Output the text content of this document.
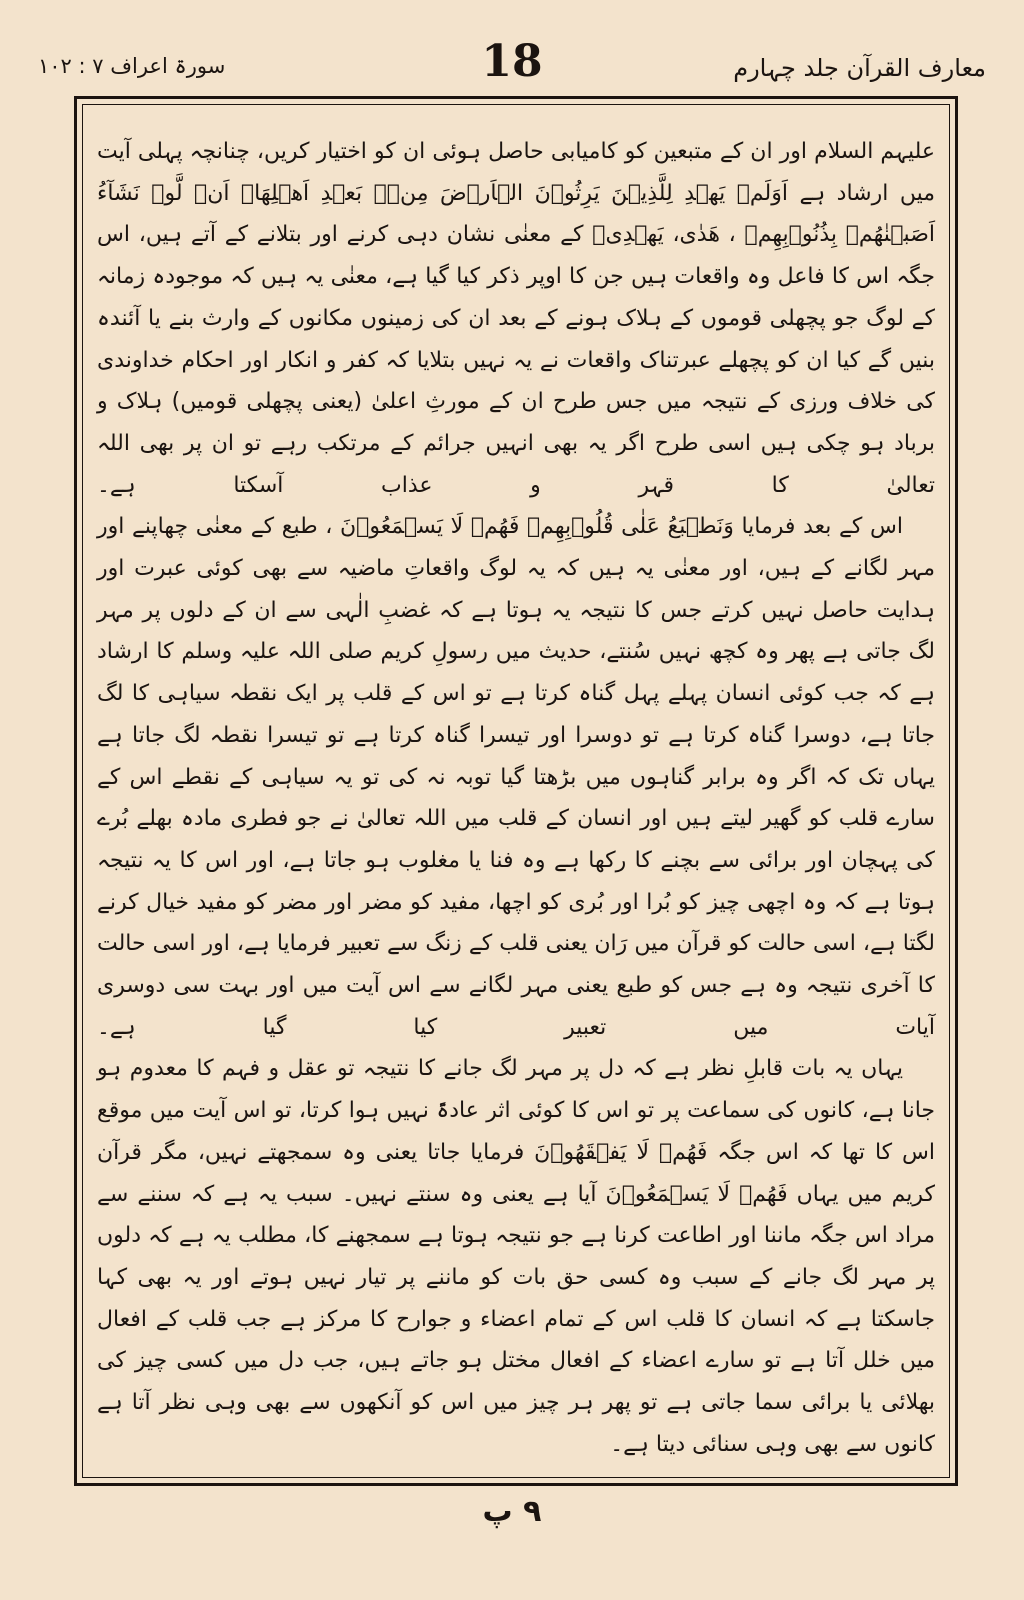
معارف القرآن جلد چہارم
18
سورۃ اعراف ۷ : ۱۰۲

علیہم السلام اور ان کے متبعین کو کامیابی حاصل ہوئی ان کو اختیار کریں، چنانچہ پہلی آیت میں ارشاد ہے اَوَلَمۡ یَهۡدِ لِلَّذِیۡنَ یَرِثُوۡنَ الۡاَرۡضَ مِنۡۢ بَعۡدِ اَهۡلِهَاۤ اَنۡ لَّوۡ نَشَآءُ اَصَبۡنٰهُمۡ بِذُنُوۡبِهِمۡ ، هَدٰی، یَهۡدِیۡ کے معنٰی نشان دہی کرنے اور بتلانے کے آتے ہیں، اس جگہ اس کا فاعل وہ واقعات ہیں جن کا اوپر ذکر کیا گیا ہے، معنٰی یہ ہیں کہ موجودہ زمانہ کے لوگ جو پچھلی قوموں کے ہلاک ہونے کے بعد ان کی زمینوں مکانوں کے وارث بنے یا آئندہ بنیں گے کیا ان کو پچھلے عبرتناک واقعات نے یہ نہیں بتلایا کہ کفر و انکار اور احکام خداوندی کی خلاف ورزی کے نتیجہ میں جس طرح ان کے مورثِ اعلیٰ (یعنی پچھلی قومیں) ہلاک و برباد ہو چکی ہیں اسی طرح اگر یہ بھی انہیں جرائم کے مرتکب رہے تو ان پر بھی اللہ تعالیٰ کا قہر و عذاب آسکتا ہے۔

اس کے بعد فرمایا وَنَطۡبَعُ عَلٰی قُلُوۡبِهِمۡ فَهُمۡ لَا یَسۡمَعُوۡنَ ، طبع کے معنٰی چھاپنے اور مہر لگانے کے ہیں، اور معنٰی یہ ہیں کہ یہ لوگ واقعاتِ ماضیہ سے بھی کوئی عبرت اور ہدایت حاصل نہیں کرتے جس کا نتیجہ یہ ہوتا ہے کہ غضبِ الٰہی سے ان کے دلوں پر مہر لگ جاتی ہے پھر وہ کچھ نہیں سُنتے، حدیث میں رسولِ کریم صلی اللہ علیہ وسلم کا ارشاد ہے کہ جب کوئی انسان پہلے پہل گناہ کرتا ہے تو اس کے قلب پر ایک نقطہ سیاہی کا لگ جاتا ہے، دوسرا گناہ کرتا ہے تو دوسرا اور تیسرا گناہ کرتا ہے تو تیسرا نقطہ لگ جاتا ہے یہاں تک کہ اگر وہ برابر گناہوں میں بڑھتا گیا توبہ نہ کی تو یہ سیاہی کے نقطے اس کے سارے قلب کو گھیر لیتے ہیں اور انسان کے قلب میں اللہ تعالیٰ نے جو فطری مادہ بھلے بُرے کی پہچان اور برائی سے بچنے کا رکھا ہے وہ فنا یا مغلوب ہو جاتا ہے، اور اس کا یہ نتیجہ ہوتا ہے کہ وہ اچھی چیز کو بُرا اور بُری کو اچھا، مفید کو مضر اور مضر کو مفید خیال کرنے لگتا ہے، اسی حالت کو قرآن میں رَان یعنی قلب کے زنگ سے تعبیر فرمایا ہے، اور اسی حالت کا آخری نتیجہ وہ ہے جس کو طبع یعنی مہر لگانے سے اس آیت میں اور بہت سی دوسری آیات میں تعبیر کیا گیا ہے۔

یہاں یہ بات قابلِ نظر ہے کہ دل پر مہر لگ جانے کا نتیجہ تو عقل و فہم کا معدوم ہو جانا ہے، کانوں کی سماعت پر تو اس کا کوئی اثر عادۃً نہیں ہوا کرتا، تو اس آیت میں موقع اس کا تھا کہ اس جگہ فَهُمۡ لَا یَفۡقَهُوۡنَ فرمایا جاتا یعنی وہ سمجھتے نہیں، مگر قرآن کریم میں یہاں فَهُمۡ لَا یَسۡمَعُوۡنَ آیا ہے یعنی وہ سنتے نہیں۔ سبب یہ ہے کہ سننے سے مراد اس جگہ ماننا اور اطاعت کرنا ہے جو نتیجہ ہوتا ہے سمجھنے کا، مطلب یہ ہے کہ دلوں پر مہر لگ جانے کے سبب وہ کسی حق بات کو ماننے پر تیار نہیں ہوتے اور یہ بھی کہا جاسکتا ہے کہ انسان کا قلب اس کے تمام اعضاء و جوارح کا مرکز ہے جب قلب کے افعال میں خلل آتا ہے تو سارے اعضاء کے افعال مختل ہو جاتے ہیں، جب دل میں کسی چیز کی بھلائی یا برائی سما جاتی ہے تو پھر ہر چیز میں اس کو آنکھوں سے بھی وہی نظر آتا ہے کانوں سے بھی وہی سنائی دیتا ہے۔

۹ پ
